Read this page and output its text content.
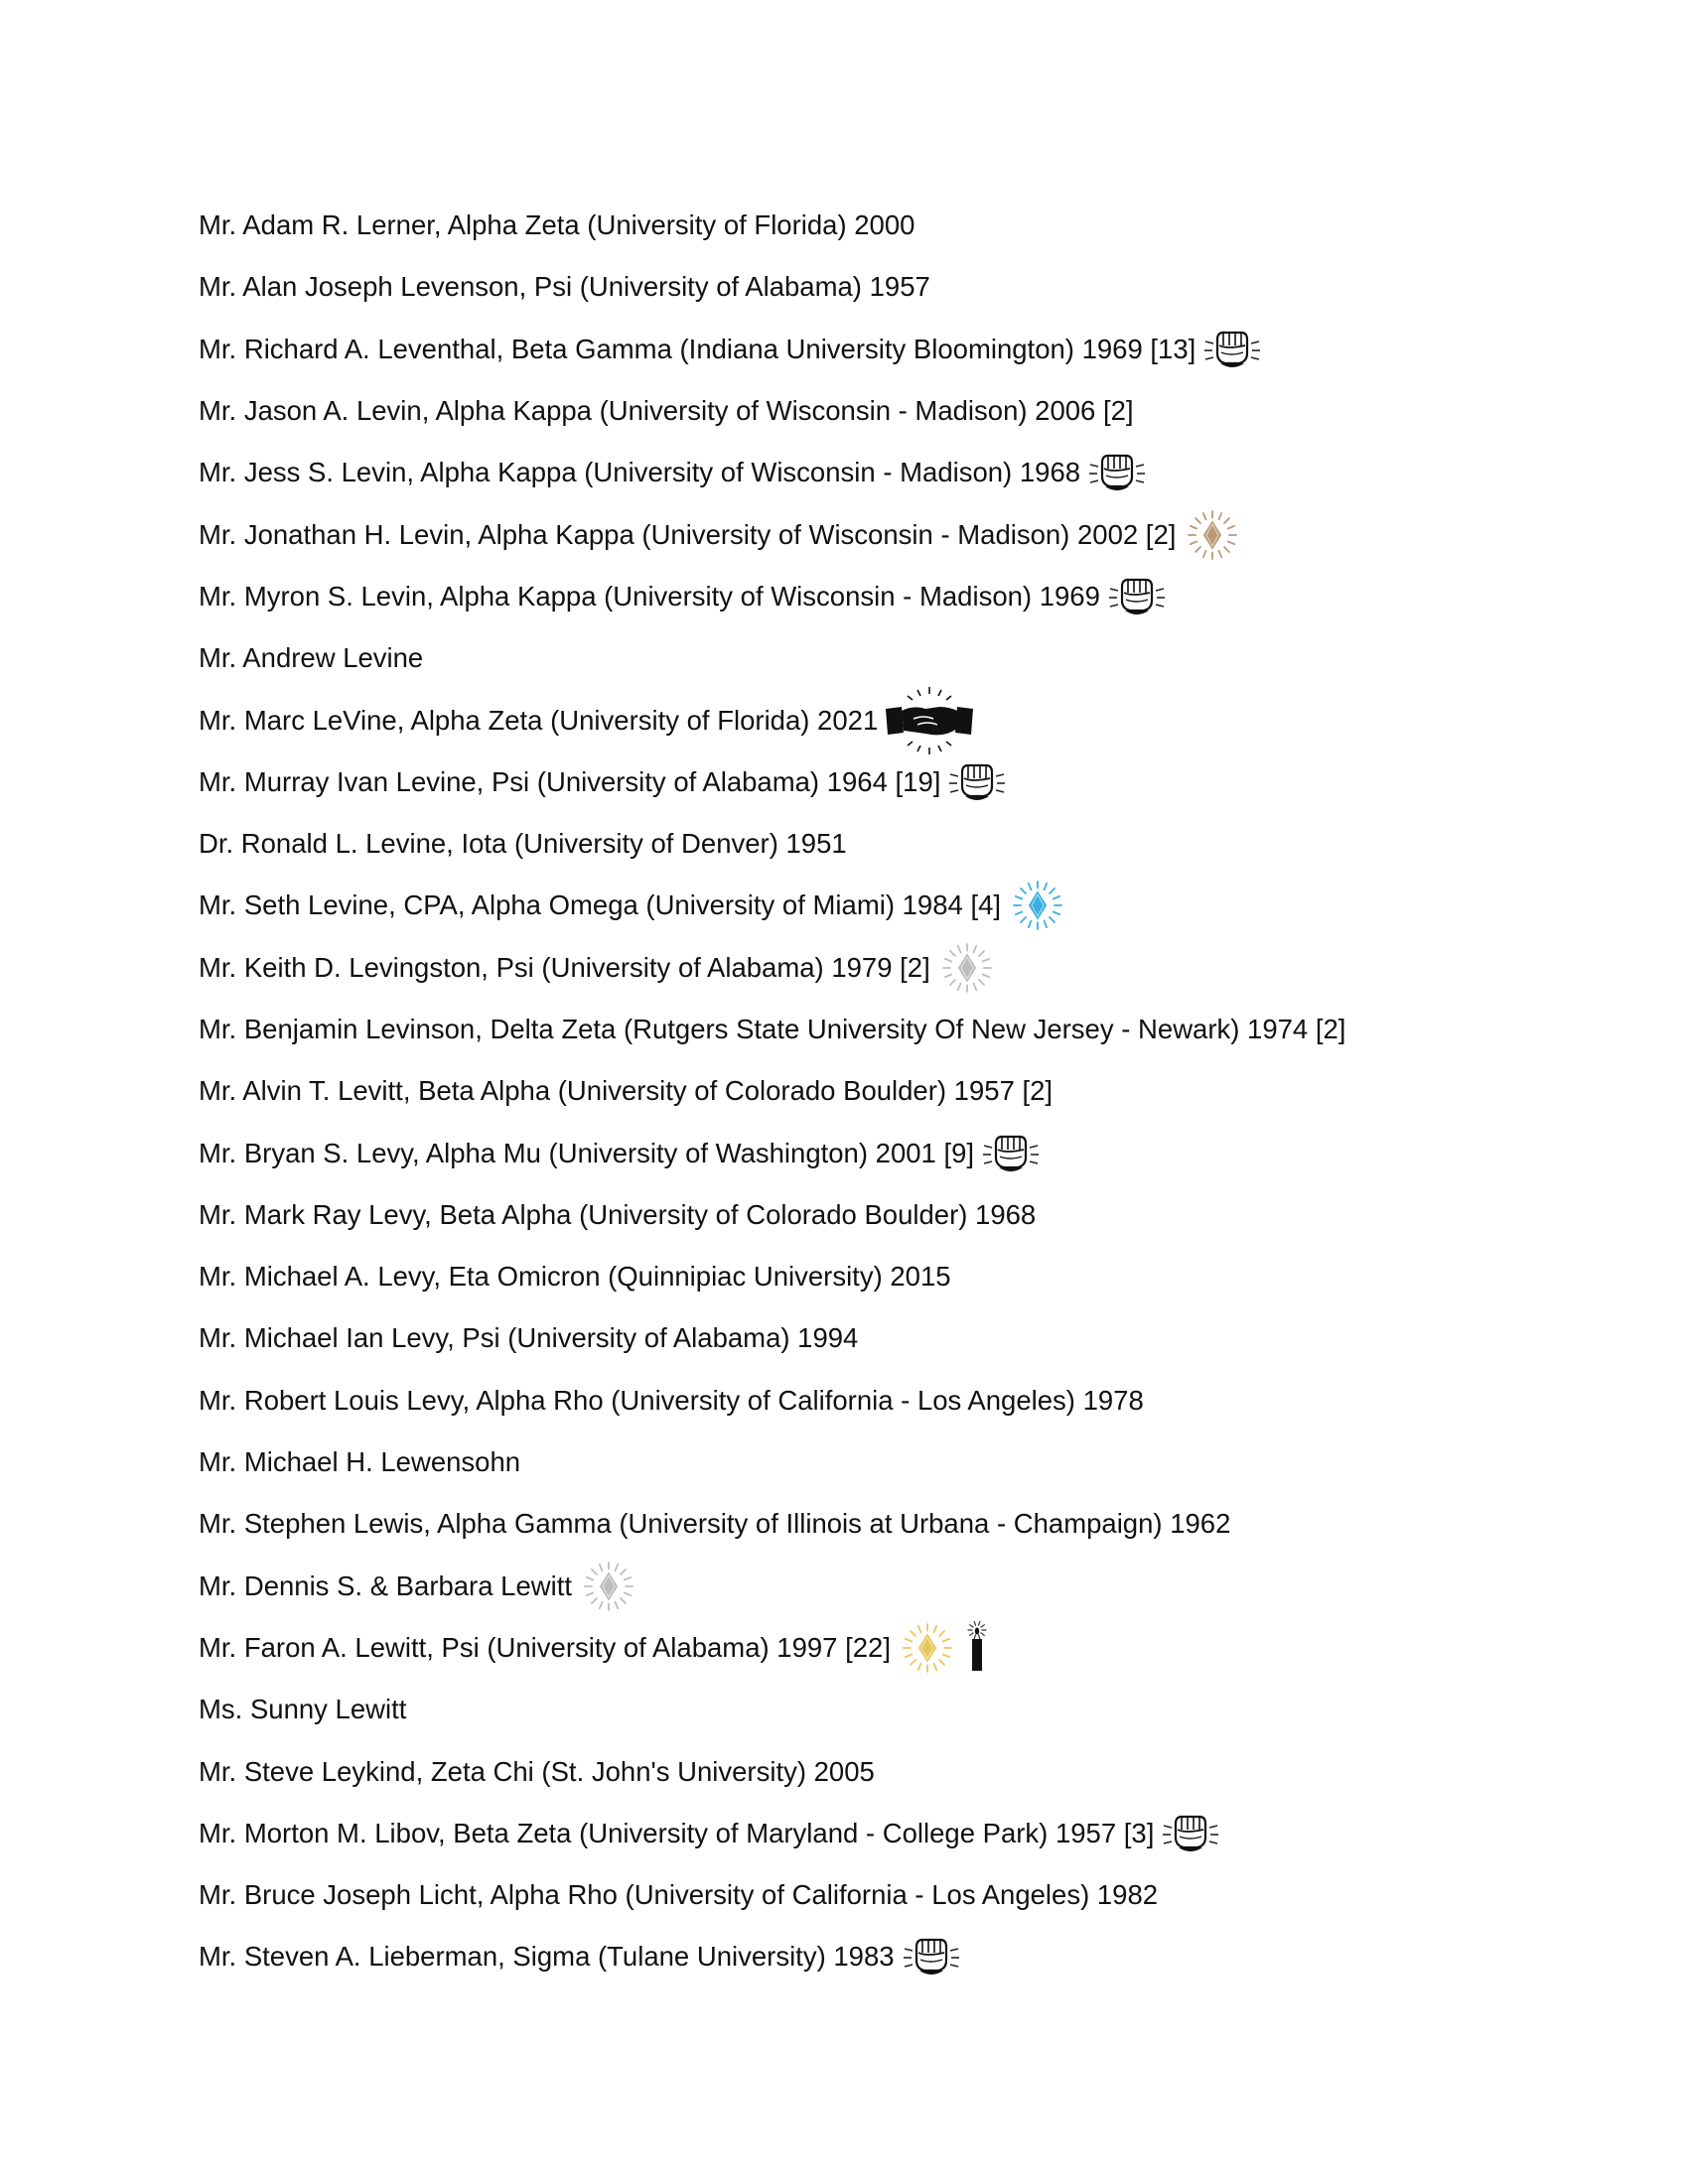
Mr. Adam R. Lerner, Alpha Zeta (University of Florida) 2000
Mr. Alan Joseph Levenson, Psi (University of Alabama) 1957
Mr. Richard A. Leventhal, Beta Gamma (Indiana University Bloomington) 1969 [13]
Mr. Jason A. Levin, Alpha Kappa (University of Wisconsin - Madison) 2006 [2]
Mr. Jess S. Levin, Alpha Kappa (University of Wisconsin - Madison) 1968
Mr. Jonathan H. Levin, Alpha Kappa (University of Wisconsin - Madison) 2002 [2]
Mr. Myron S. Levin, Alpha Kappa (University of Wisconsin - Madison) 1969
Mr. Andrew Levine
Mr. Marc LeVine, Alpha Zeta (University of Florida) 2021
Mr. Murray Ivan Levine, Psi (University of Alabama) 1964 [19]
Dr. Ronald L. Levine, Iota (University of Denver) 1951
Mr. Seth Levine, CPA, Alpha Omega (University of Miami) 1984 [4]
Mr. Keith D. Levingston, Psi (University of Alabama) 1979 [2]
Mr. Benjamin Levinson, Delta Zeta (Rutgers State University Of New Jersey - Newark) 1974 [2]
Mr. Alvin T. Levitt, Beta Alpha (University of Colorado Boulder) 1957 [2]
Mr. Bryan S. Levy, Alpha Mu (University of Washington) 2001 [9]
Mr. Mark Ray Levy, Beta Alpha (University of Colorado Boulder) 1968
Mr. Michael A. Levy, Eta Omicron (Quinnipiac University) 2015
Mr. Michael Ian Levy, Psi (University of Alabama) 1994
Mr. Robert Louis Levy, Alpha Rho (University of California - Los Angeles) 1978
Mr. Michael H. Lewensohn
Mr. Stephen Lewis, Alpha Gamma (University of Illinois at Urbana - Champaign) 1962
Mr. Dennis S. & Barbara Lewitt
Mr. Faron A. Lewitt, Psi (University of Alabama) 1997 [22]
Ms. Sunny Lewitt
Mr. Steve Leykind, Zeta Chi (St. John's University) 2005
Mr. Morton M. Libov, Beta Zeta (University of Maryland - College Park) 1957 [3]
Mr. Bruce Joseph Licht, Alpha Rho (University of California - Los Angeles) 1982
Mr. Steven A. Lieberman, Sigma (Tulane University) 1983
